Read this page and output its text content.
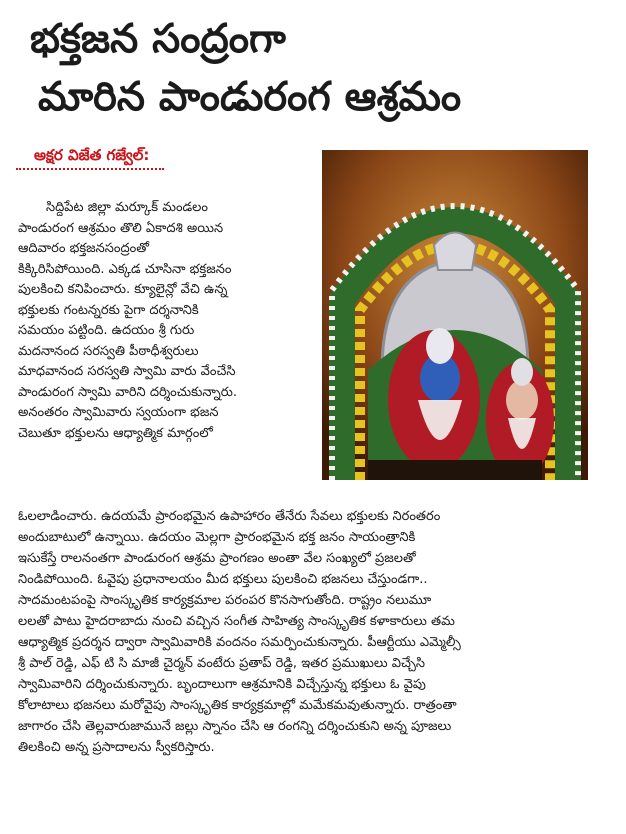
భక్తజన సంద్రంగా
మారిన పాండురంగ ఆశ్రమం
అక్షర విజేత గజ్వేల్:
సిద్దిపేట జిల్లా మర్కూక్ మండలం
పాండురంగ ఆశ్రమం తొలి ఏకాదశి అయిన
ఆదివారం భక్తజనసంద్రంతో
కిక్కిరిసిపోయింది. ఎక్కడ చూసినా భక్తజనం
పులకించి కనిపించారు. క్యూలైన్లో వేచి ఉన్న
భక్తులకు గంటన్నరకు పైగా దర్శనానికి
సమయం పట్టింది. ఉదయం శ్రీ గురు
మదనానంద సరస్వతి పీఠాధీశ్వరులు
మాధవానంద సరస్వతి స్వామి వారు వేంచేసి
పాండురంగ స్వామి వారిని దర్శించుకున్నారు.
అనంతరం స్వామివారు స్వయంగా భజన
చెబుతూ భక్తులను ఆధ్యాత్మిక మార్గంలో
ఓలలాడించారు. ఉదయమే ప్రారంభమైన ఉపాహారం తేనేరు సేవలు భక్తులకు నిరంతరం
అందుబాటులో ఉన్నాయి. ఉదయం మెల్లగా ప్రారంభమైన భక్త జనం సాయంత్రానికి
ఇసుకేస్తే రాలనంతగా పాండురంగ ఆశ్రమ ప్రాంగణం అంతా వేల సంఖ్యలో ప్రజలతో
నిండిపోయింది. ఓవైపు ప్రధానాలయం మీద భక్తులు పులకించి భజనలు చేస్తుండగా..
సాదమంటపంపై సాంస్కృతిక కార్యక్రమాల పరంపర కొనసాగుతోంది. రాష్ట్రం నలుమూ
లలతో పాటు హైదరాబాదు నుంచి వచ్చిన సంగీత సాహిత్య సాంస్కృతిక కళాకారులు తమ
ఆధ్యాత్మిక ప్రదర్శన ద్వారా స్వామివారికి వందనం సమర్పించుకున్నారు. పీఆర్టీయు ఎమ్మెల్సీ
శ్రీ పాల్ రెడ్డి, ఎఫ్ టి సి మాజీ చైర్మన్ వంటేరు ప్రతాప్ రెడ్డి, ఇతర ప్రముఖులు విచ్చేసి
స్వామివారిని దర్శించుకున్నారు. బృందాలుగా ఆశ్రమానికి విచ్చేస్తున్న భక్తులు ఓ వైపు
కోలాటాలు భజనలు మరోవైపు సాంస్కృతిక కార్యక్రమాల్లో మమేకమవుతున్నారు. రాత్రంతా
జాగారం చేసి తెల్లవారుజామునే జల్లు స్నానం చేసి ఆ రంగన్ని దర్శించుకుని అన్న పూజలు
తిలకించి అన్న ప్రసాదాలను స్వీకరిస్తారు.
